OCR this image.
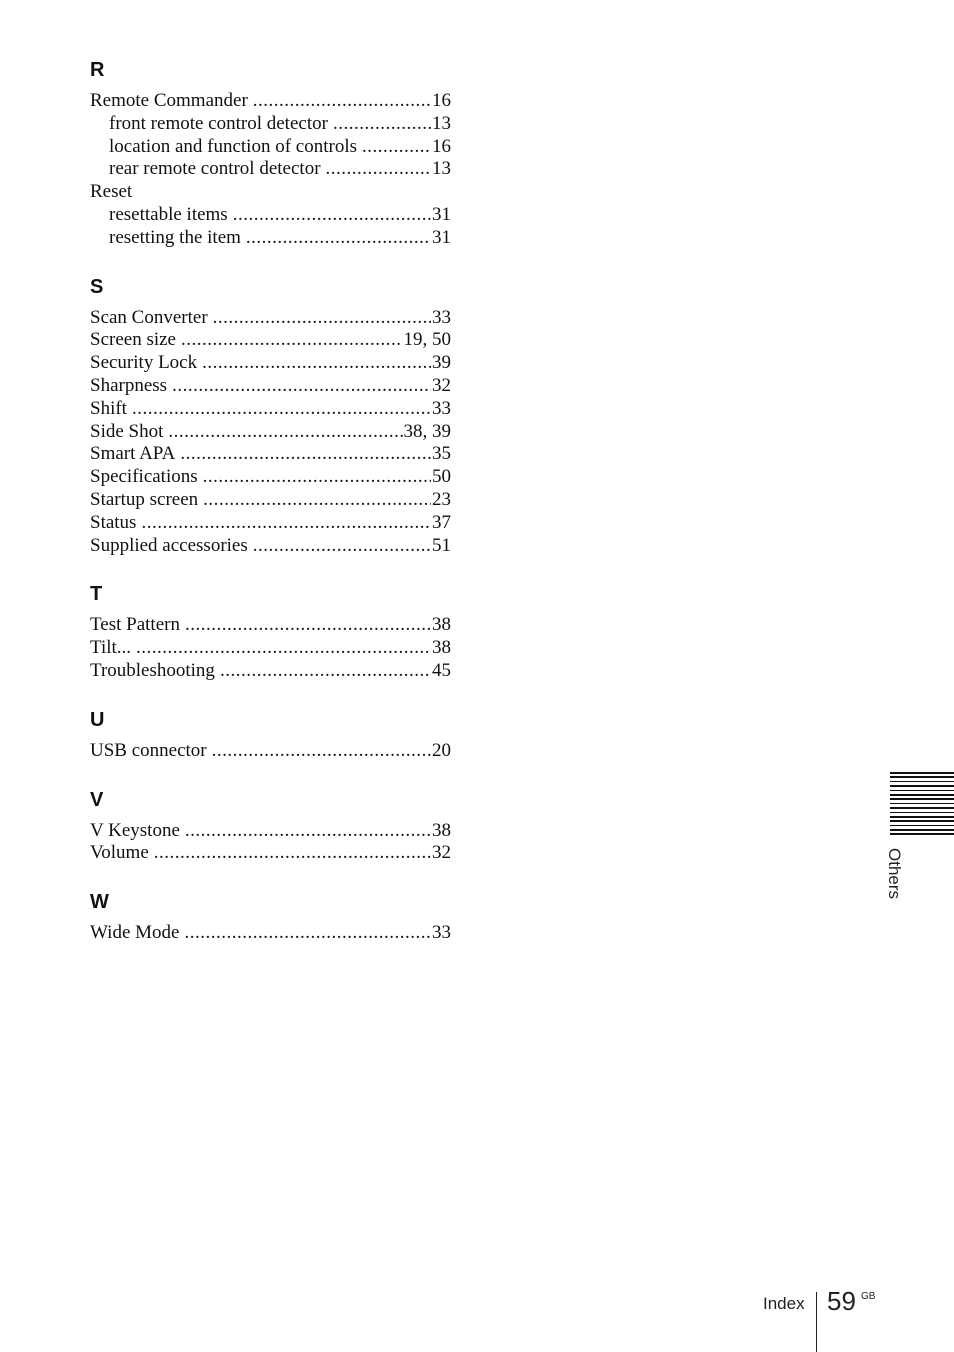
R
Remote Commander .....	16
front remote control detector .....	13
location and function of controls .....	16
rear remote control detector .....	13
Reset
resettable items .....	31
resetting the item .....	31
S
Scan Converter .....	33
Screen size .....	19, 50
Security Lock .....	39
Sharpness .....	32
Shift .....	33
Side Shot .....	38, 39
Smart APA .....	35
Specifications .....	50
Startup screen .....	23
Status .....	37
Supplied accessories .....	51
T
Test Pattern .....	38
Tilt... .....	38
Troubleshooting .....	45
U
USB connector .....	20
V
V Keystone .....	38
Volume .....	32
W
Wide Mode .....	33
Others
Index 59 GB
